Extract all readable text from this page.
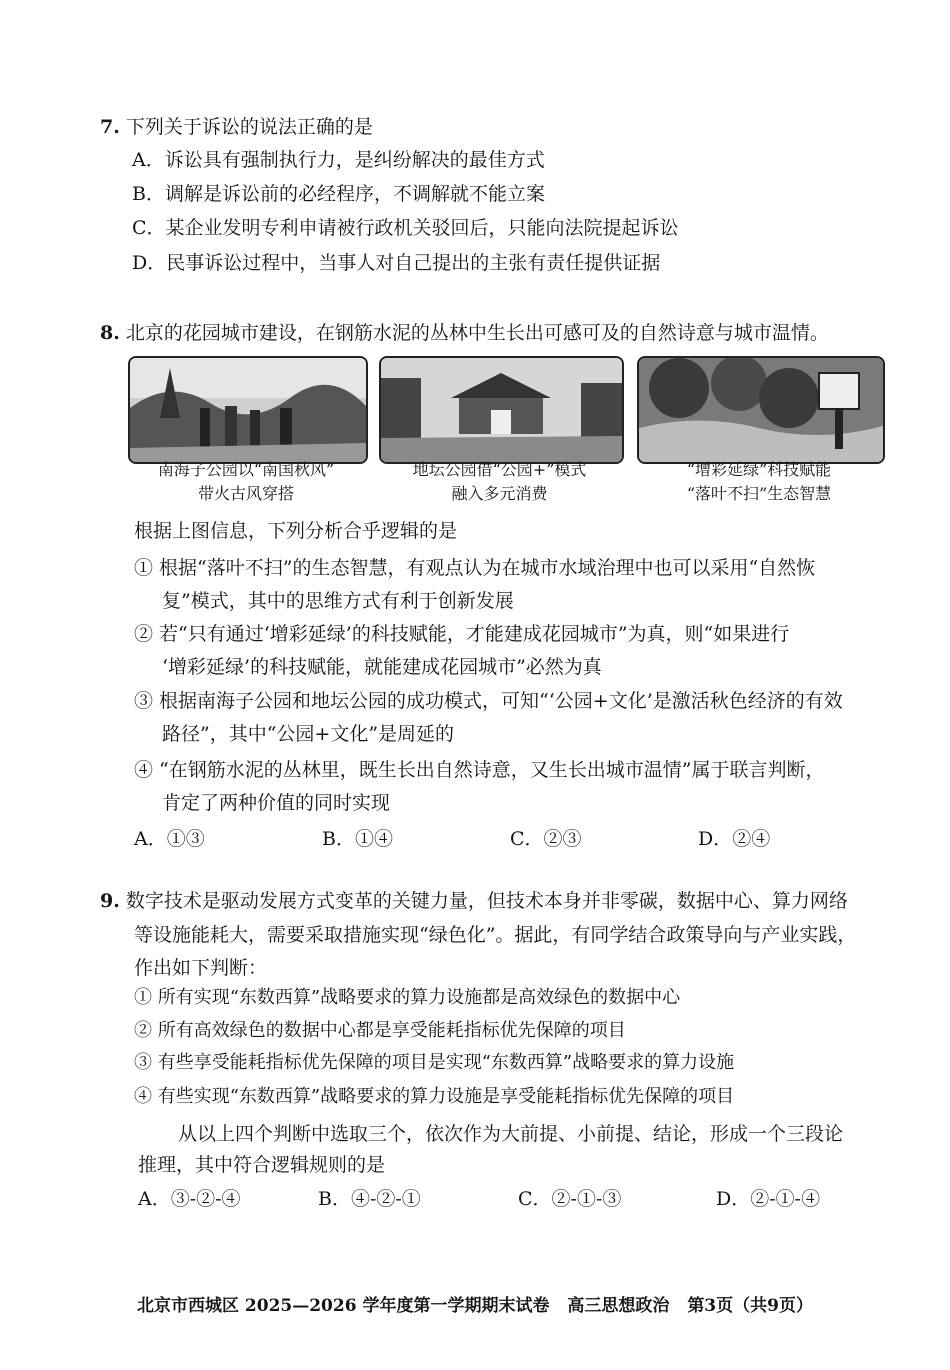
7. 下列关于诉讼的说法正确的是
A．诉讼具有强制执行力，是纠纷解决的最佳方式
B．调解是诉讼前的必经程序，不调解就不能立案
C．某企业发明专利申请被行政机关驳回后，只能向法院提起诉讼
D．民事诉讼过程中，当事人对自己提出的主张有责任提供证据
8. 北京的花园城市建设，在钢筋水泥的丛林中生长出可感可及的自然诗意与城市温情。
南海子公园以“南国秋风”
带火古风穿搭
地坛公园借“公园+”模式
融入多元消费
“增彩延绿”科技赋能
“落叶不扫”生态智慧
根据上图信息，下列分析合乎逻辑的是
① 根据“落叶不扫”的生态智慧，有观点认为在城市水域治理中也可以采用“自然恢
复”模式，其中的思维方式有利于创新发展
② 若“只有通过‘增彩延绿’的科技赋能，才能建成花园城市”为真，则“如果进行
‘增彩延绿’的科技赋能，就能建成花园城市”必然为真
③ 根据南海子公园和地坛公园的成功模式，可知“‘公园+文化’是激活秋色经济的有效
路径”，其中“公园+文化”是周延的
④ “在钢筋水泥的丛林里，既生长出自然诗意，又生长出城市温情”属于联言判断，
肯定了两种价值的同时实现
A．①③	B．①④	C．②③	D．②④
9. 数字技术是驱动发展方式变革的关键力量，但技术本身并非零碳，数据中心、算力网络
等设施能耗大，需要采取措施实现“绿色化”。据此，有同学结合政策导向与产业实践，
作出如下判断：
① 所有实现“东数西算”战略要求的算力设施都是高效绿色的数据中心
② 所有高效绿色的数据中心都是享受能耗指标优先保障的项目
③ 有些享受能耗指标优先保障的项目是实现“东数西算”战略要求的算力设施
④ 有些实现“东数西算”战略要求的算力设施是享受能耗指标优先保障的项目
从以上四个判断中选取三个，依次作为大前提、小前提、结论，形成一个三段论
推理，其中符合逻辑规则的是
A．③-②-④	B．④-②-①	C．②-①-③	D．②-①-④
北京市西城区 2025—2026 学年度第一学期期末试卷 高三思想政治 第3页（共9页）
